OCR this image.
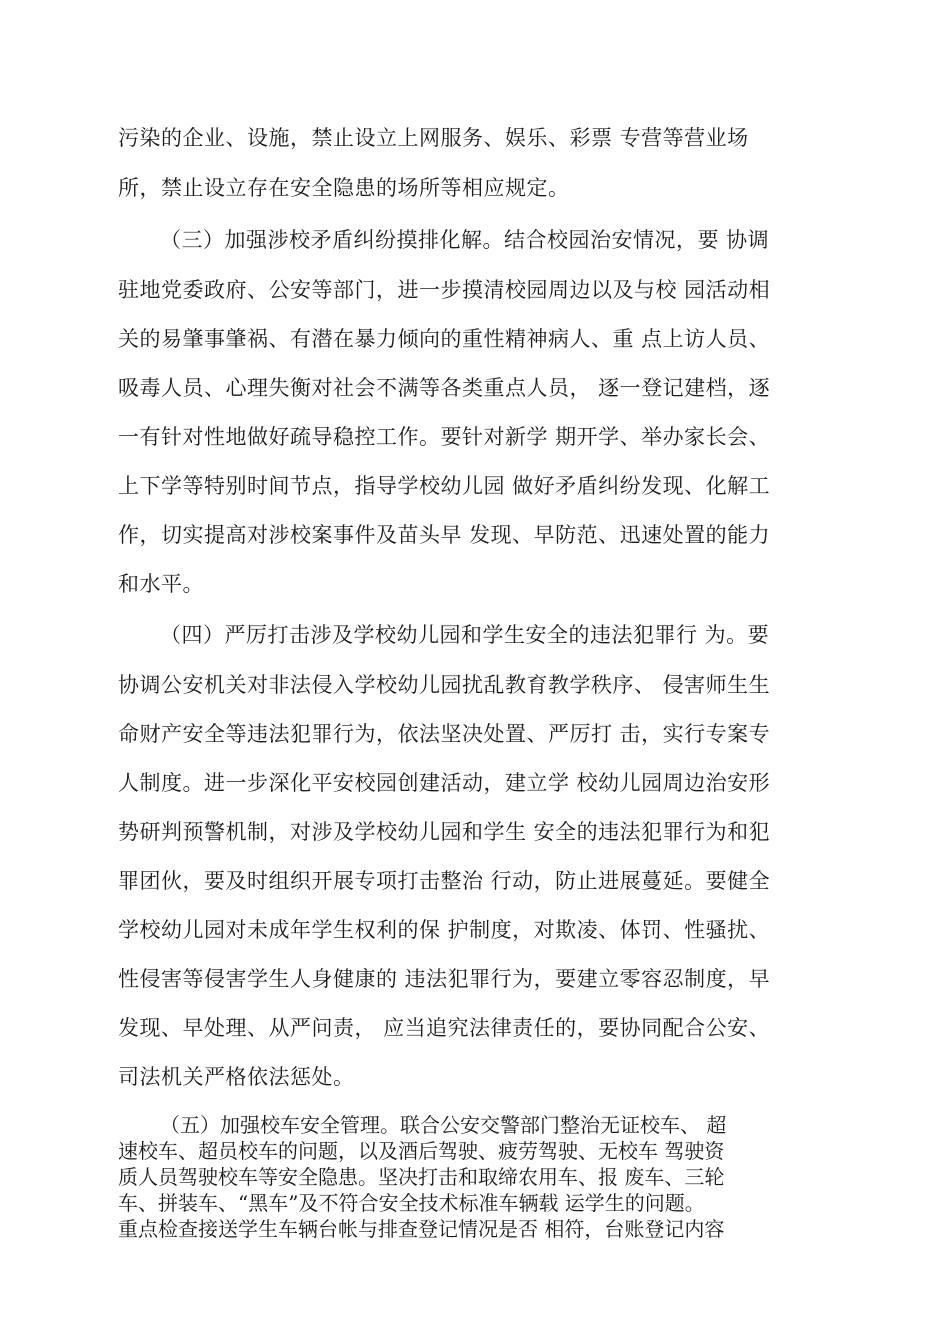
污染的企业、设施，禁止设立上网服务、娱乐、彩票 专营等营业场
所，禁止设立存在安全隐患的场所等相应规定。
（三）加强涉校矛盾纠纷摸排化解。结合校园治安情况，要 协调
驻地党委政府、公安等部门，进一步摸清校园周边以及与校 园活动相
关的易肇事肇祸、有潜在暴力倾向的重性精神病人、重 点上访人员、
吸毒人员、心理失衡对社会不满等各类重点人员， 逐一登记建档，逐
一有针对性地做好疏导稳控工作。要针对新学 期开学、举办家长会、
上下学等特别时间节点，指导学校幼儿园 做好矛盾纠纷发现、化解工
作，切实提高对涉校案事件及苗头早 发现、早防范、迅速处置的能力
和水平。
（四）严厉打击涉及学校幼儿园和学生安全的违法犯罪行 为。要
协调公安机关对非法侵入学校幼儿园扰乱教育教学秩序、 侵害师生生
命财产安全等违法犯罪行为，依法坚决处置、严厉打 击，实行专案专
人制度。进一步深化平安校园创建活动，建立学 校幼儿园周边治安形
势研判预警机制，对涉及学校幼儿园和学生 安全的违法犯罪行为和犯
罪团伙，要及时组织开展专项打击整治 行动，防止进展蔓延。要健全
学校幼儿园对未成年学生权利的保 护制度，对欺凌、体罚、性骚扰、
性侵害等侵害学生人身健康的 违法犯罪行为，要建立零容忍制度，早
发现、早处理、从严问责， 应当追究法律责任的，要协同配合公安、
司法机关严格依法惩处。
（五）加强校车安全管理。联合公安交警部门整治无证校车、 超
速校车、超员校车的问题，以及酒后驾驶、疲劳驾驶、无校车 驾驶资
质人员驾驶校车等安全隐患。坚决打击和取缔农用车、报 废车、三轮
车、拼装车、“黑车”及不符合安全技术标准车辆载 运学生的问题。
重点检查接送学生车辆台帐与排查登记情况是否 相符，台账登记内容
